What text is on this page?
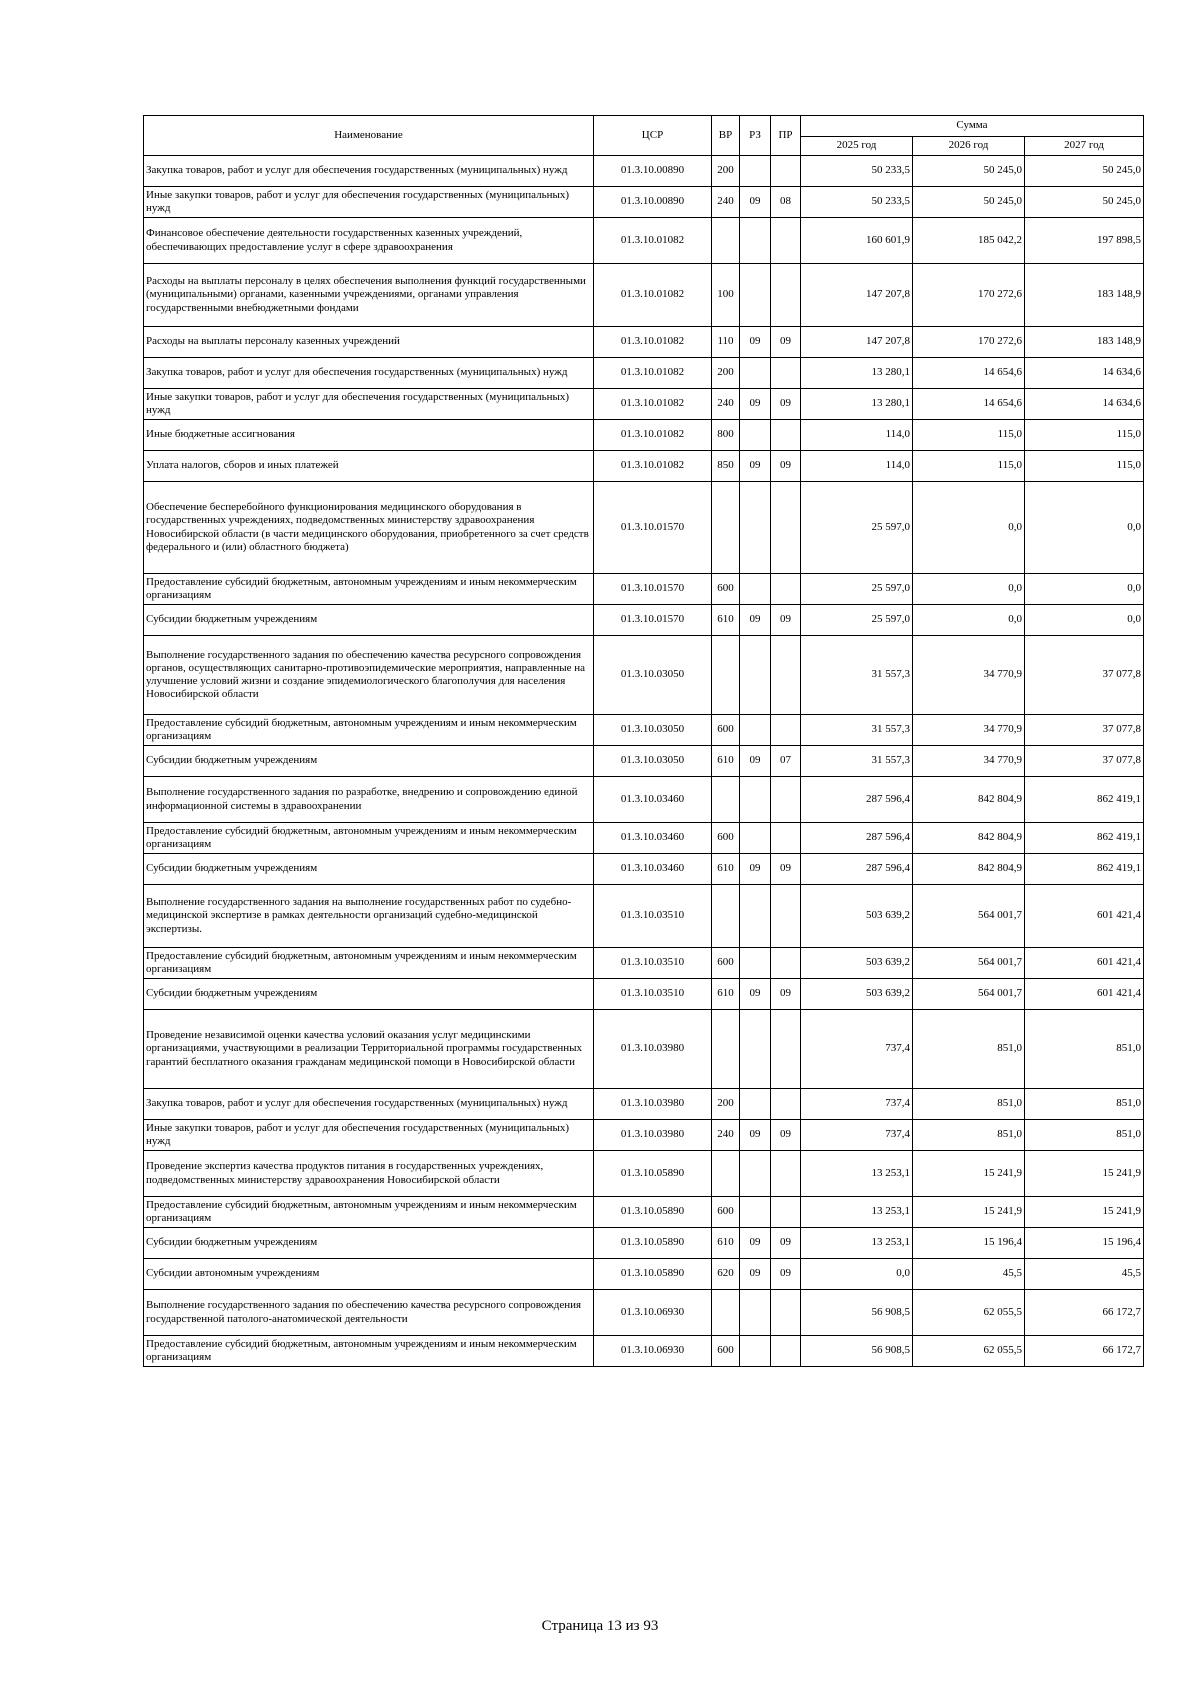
Наименование	ЦСР	ВР	РЗ	ПР	Сумма		
					2025 год	2026 год	2027 год
Закупка товаров, работ и услуг для обеспечения государственных (муниципальных) нужд	01.3.10.00890	200			50 233,5	50 245,0	50 245,0
Иные закупки товаров, работ и услуг для обеспечения государственных (муниципальных) нужд	01.3.10.00890	240	09	08	50 233,5	50 245,0	50 245,0
Финансовое обеспечение деятельности государственных казенных учреждений, обеспечивающих предоставление услуг в сфере здравоохранения	01.3.10.01082				160 601,9	185 042,2	197 898,5
Расходы на выплаты персоналу в целях обеспечения выполнения функций государственными (муниципальными) органами, казенными учреждениями, органами управления государственными внебюджетными фондами	01.3.10.01082	100			147 207,8	170 272,6	183 148,9
Расходы на выплаты персоналу казенных учреждений	01.3.10.01082	110	09	09	147 207,8	170 272,6	183 148,9
Закупка товаров, работ и услуг для обеспечения государственных (муниципальных) нужд	01.3.10.01082	200			13 280,1	14 654,6	14 634,6
Иные закупки товаров, работ и услуг для обеспечения государственных (муниципальных) нужд	01.3.10.01082	240	09	09	13 280,1	14 654,6	14 634,6
Иные бюджетные ассигнования	01.3.10.01082	800			114,0	115,0	115,0
Уплата налогов, сборов и иных платежей	01.3.10.01082	850	09	09	114,0	115,0	115,0
Обеспечение бесперебойного функционирования медицинского оборудования в государственных учреждениях, подведомственных министерству здравоохранения Новосибирской области (в части медицинского оборудования, приобретенного за счет средств федерального и (или) областного бюджета)	01.3.10.01570				25 597,0	0,0	0,0
Предоставление субсидий бюджетным, автономным учреждениям и иным некоммерческим организациям	01.3.10.01570	600			25 597,0	0,0	0,0
Субсидии бюджетным учреждениям	01.3.10.01570	610	09	09	25 597,0	0,0	0,0
Выполнение государственного задания по обеспечению качества ресурсного сопровождения органов, осуществляющих санитарно-противоэпидемические мероприятия, направленные на улучшение условий жизни и создание эпидемиологического благополучия для населения Новосибирской области	01.3.10.03050				31 557,3	34 770,9	37 077,8
Предоставление субсидий бюджетным, автономным учреждениям и иным некоммерческим организациям	01.3.10.03050	600			31 557,3	34 770,9	37 077,8
Субсидии бюджетным учреждениям	01.3.10.03050	610	09	07	31 557,3	34 770,9	37 077,8
Выполнение государственного задания по разработке, внедрению и сопровождению единой информационной системы в здравоохранении	01.3.10.03460				287 596,4	842 804,9	862 419,1
Предоставление субсидий бюджетным, автономным учреждениям и иным некоммерческим организациям	01.3.10.03460	600			287 596,4	842 804,9	862 419,1
Субсидии бюджетным учреждениям	01.3.10.03460	610	09	09	287 596,4	842 804,9	862 419,1
Выполнение государственного задания на выполнение государственных работ по судебно-медицинской экспертизе в рамках деятельности организаций судебно-медицинской экспертизы.	01.3.10.03510				503 639,2	564 001,7	601 421,4
Предоставление субсидий бюджетным, автономным учреждениям и иным некоммерческим организациям	01.3.10.03510	600			503 639,2	564 001,7	601 421,4
Субсидии бюджетным учреждениям	01.3.10.03510	610	09	09	503 639,2	564 001,7	601 421,4
Проведение независимой оценки качества условий оказания услуг медицинскими организациями, участвующими в реализации Территориальной программы государственных гарантий бесплатного оказания гражданам медицинской помощи в Новосибирской области	01.3.10.03980				737,4	851,0	851,0
Закупка товаров, работ и услуг для обеспечения государственных (муниципальных) нужд	01.3.10.03980	200			737,4	851,0	851,0
Иные закупки товаров, работ и услуг для обеспечения государственных (муниципальных) нужд	01.3.10.03980	240	09	09	737,4	851,0	851,0
Проведение экспертиз качества продуктов питания в государственных учреждениях, подведомственных министерству здравоохранения Новосибирской области	01.3.10.05890				13 253,1	15 241,9	15 241,9
Предоставление субсидий бюджетным, автономным учреждениям и иным некоммерческим организациям	01.3.10.05890	600			13 253,1	15 241,9	15 241,9
Субсидии бюджетным учреждениям	01.3.10.05890	610	09	09	13 253,1	15 196,4	15 196,4
Субсидии автономным учреждениям	01.3.10.05890	620	09	09	0,0	45,5	45,5
Выполнение государственного задания по обеспечению качества ресурсного сопровождения государственной патолого-анатомической деятельности	01.3.10.06930				56 908,5	62 055,5	66 172,7
Предоставление субсидий бюджетным, автономным учреждениям и иным некоммерческим организациям	01.3.10.06930	600			56 908,5	62 055,5	66 172,7
Страница 13 из 93
